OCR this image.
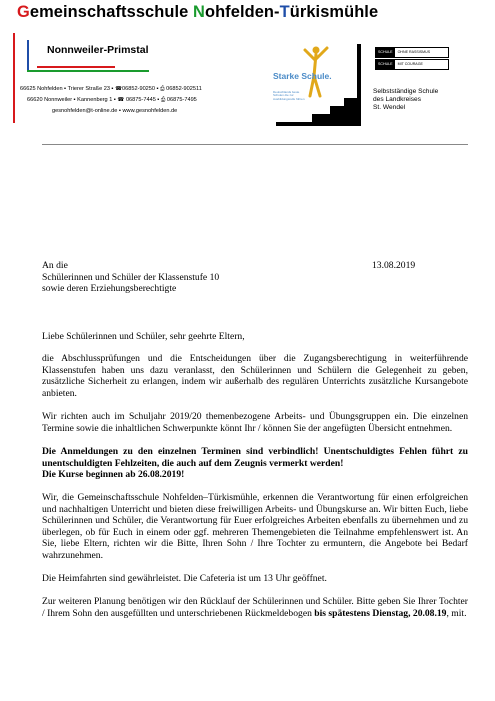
Gemeinschaftsschule Nohfelden-Türkismühle
Nonnweiler-Primstal
66625 Nohfelden ▪ Trierer Straße 23 ▪ ☎06852-90250 ▪ ⎙ 06852-902511
66620 Nonnweiler ▪ Kannenberg 1 ▪ ☎ 06875-7445 ▪ ⎙ 06875-7495
gesnohfelden@t-online.de ▪ www.gesnohfelden.de
Starke Schule.
Deutschlands beste Schulen die zur Ausbildungsreife führen
SCHULE OHNE RASSISMUS
SCHULE MIT COURAGE
Selbstständige Schule
des Landkreises
St. Wendel
An die
Schülerinnen und Schüler der Klassenstufe 10
sowie deren Erziehungsberechtigte
13.08.2019
Liebe Schülerinnen und Schüler, sehr geehrte Eltern,
die Abschlussprüfungen und die Entscheidungen über die Zugangsberechtigung in weiterführende Klassenstufen haben uns dazu veranlasst, den Schülerinnen und Schülern die Gelegenheit zu geben, zusätzliche Sicherheit zu erlangen, indem wir außerhalb des regulären Unterrichts zusätzliche Kursangebote anbieten.
Wir richten auch im Schuljahr 2019/20 themenbezogene Arbeits- und Übungsgruppen ein. Die einzelnen Termine sowie die inhaltlichen Schwerpunkte könnt Ihr / können Sie der angefügten Übersicht entnehmen.
Die Anmeldungen zu den einzelnen Terminen sind verbindlich! Unentschuldigtes Fehlen führt zu unentschuldigten Fehlzeiten, die auch auf dem Zeugnis vermerkt werden!
Die Kurse beginnen ab 26.08.2019!
Wir, die Gemeinschaftsschule Nohfelden–Türkismühle, erkennen die Verantwortung für einen erfolgreichen und nachhaltigen Unterricht und bieten diese freiwilligen Arbeits- und Übungskurse an. Wir bitten Euch, liebe Schülerinnen und Schüler, die Verantwortung für Euer erfolgreiches Arbeiten ebenfalls zu übernehmen und zu überlegen, ob für Euch in einem oder ggf. mehreren Themengebieten die Teilnahme empfehlenswert ist. An Sie, liebe Eltern, richten wir die Bitte, Ihren Sohn / Ihre Tochter zu ermuntern, die Angebote bei Bedarf wahrzunehmen.
Die Heimfahrten sind gewährleistet. Die Cafeteria ist um 13 Uhr geöffnet.
Zur weiteren Planung benötigen wir den Rücklauf der Schülerinnen und Schüler. Bitte geben Sie Ihrer Tochter / Ihrem Sohn den ausgefüllten und unterschriebenen Rückmeldebogen bis spätestens Dienstag, 20.08.19, mit.
